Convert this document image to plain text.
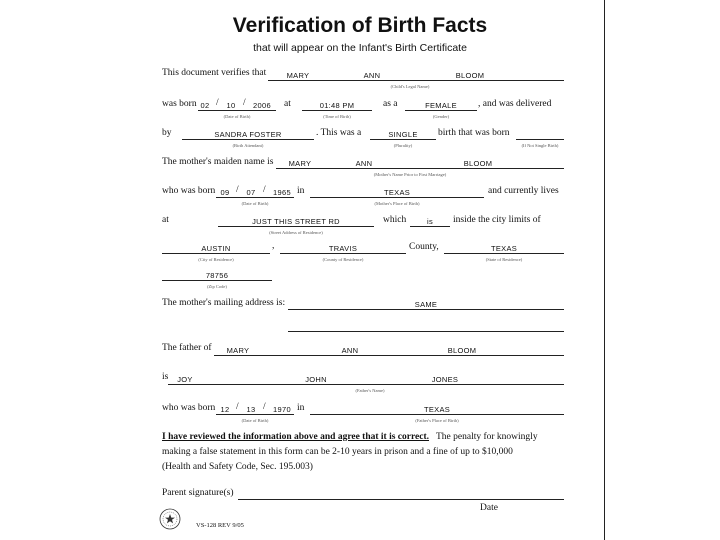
Verification of Birth Facts
that will appear on the Infant's Birth Certificate
This document verifies that	MARY	ANN	BLOOM
(Child's Legal Name)
was born 02 /	10 / 2006
(Date of Birth)
at	01:48 PM
(Time of Birth)
as a	FEMALE
(Gender)
, and was delivered
by	SANDRA FOSTER
(Birth Attendant)
. This was a	SINGLE
(Plurality)
birth that was born
(If Not Single Birth)
The mother's maiden name is	MARY	ANN	BLOOM
(Mother's Name Prior to First Marriage)
who was born 09 /	07 / 1965
(Date of Birth)
in	TEXAS
(Mother's Place of Birth)
and currently lives
at	JUST THIS STREET RD
(Street Address of Residence)
which	is	inside the city limits of
AUSTIN
(City of Residence)
,	TRAVIS
(County of Residence)
County,	TEXAS
(State of Residence)
78756
(Zip Code)
The mother's mailing address is:	SAME
The father of	MARY	ANN	BLOOM
is	JOY	JOHN	JONES
(Father's Name)
who was born 12 /	13 / 1970
(Date of Birth)
in	TEXAS
(Father's Place of Birth)
I have reviewed the information above and agree that it is correct. The penalty for knowingly
making a false statement in this form can be 2-10 years in prison and a fine of up to $10,000
(Health and Safety Code, Sec. 195.003)
Parent signature(s)
Date
VS-128 REV 9/05
